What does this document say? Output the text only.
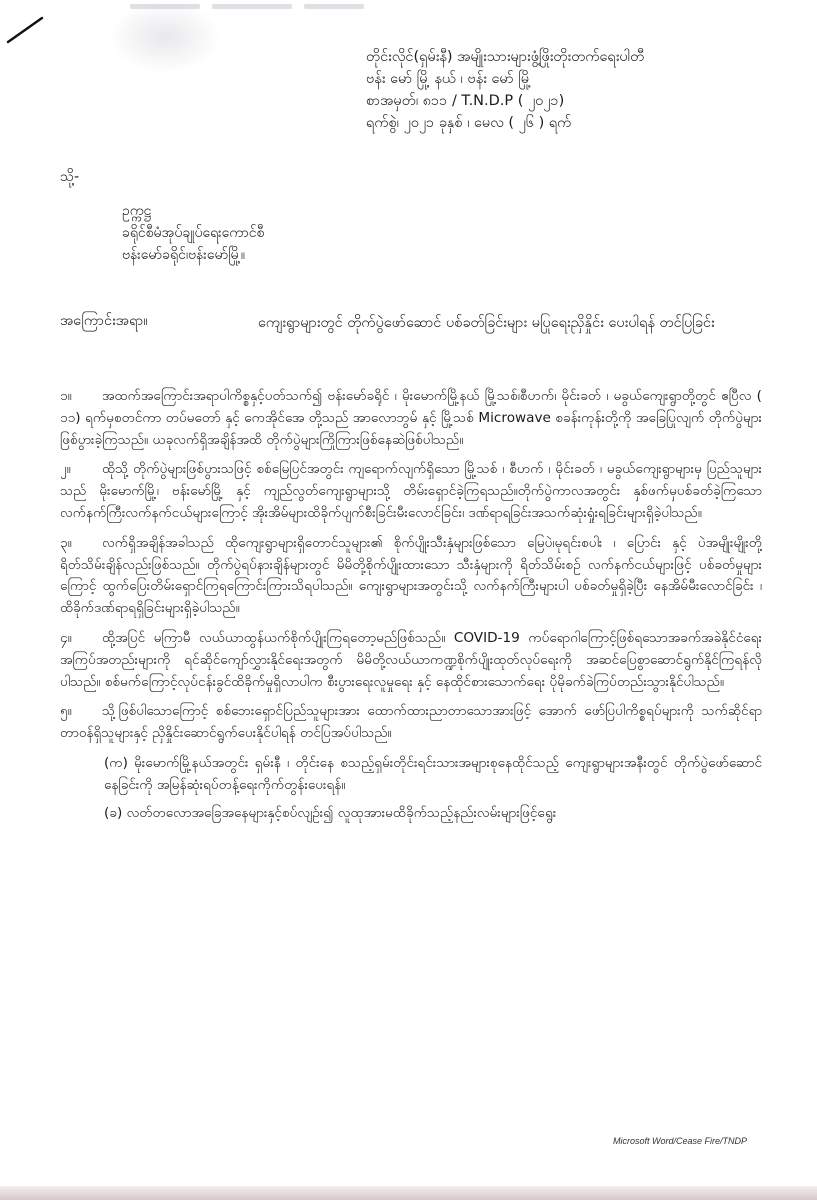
တိုင်းလိုင်(ရှမ်းနီ) အမျိုးသားများဖွံ့ဖြိုးတိုးတက်ရေးပါတီ
ဗန်း မော် မြို့ နယ် ၊ ဗန်း မော် မြို့
စာအမှတ်၊ ၈၁၁ / T.N.D.P ( ၂၀၂၁)
ရက်စွဲ၊ ၂၀၂၁ ခုနှစ် ၊ မေလ ( ၂၆ ) ရက်
သို့-
ဥက္ကဋ္ဌ
ခရိုင်စီမံအုပ်ချုပ်ရေးကောင်စီ
ဗန်းမော်ခရိုင်၊ဗန်းမော်မြို့။
အကြောင်းအရာ။	ကျေးရွာများတွင် တိုက်ပွဲဖော်ဆောင် ပစ်ခတ်ခြင်းများ မပြုရေးညှိနှိုင်း ပေးပါရန် တင်ပြခြင်း

၁။ အထက်အကြောင်းအရာပါကိစ္စနှင့်ပတ်သက်၍ ဗန်းမော်ခရိုင် ၊ မိုးမောက်မြို့နယ် မြို့သစ်၊စီဟက်၊ မိုင်းခတ် ၊ မခွယ်ကျေးရွာတို့တွင် ဧပြီလ ( ၁၁) ရက်မှစတင်ကာ တပ်မတော် နှင့် ကေအိုင်အေ တို့သည် အာလောဘွမ် နှင့် မြို့သစ် Microwave စခန်းကုန်းတို့ကို အခြေပြုလျက် တိုက်ပွဲများဖြစ်ပွားခဲ့ကြသည်။ ယခုလက်ရှိအချိန်အထိ တိုက်ပွဲများကြိုကြားဖြစ်နေဆဲဖြစ်ပါသည်။

၂။ ထိုသို့ တိုက်ပွဲများဖြစ်ပွားသဖြင့် စစ်မြေပြင်အတွင်း ကျရောက်လျက်ရှိသော မြို့သစ် ၊ စီဟက် ၊ မိုင်းခတ် ၊ မခွယ်ကျေးရွာများမှ ပြည်သူများသည် မိုးမောက်မြို့၊ ဗန်းမော်မြို့ နှင့် ကျည်လွတ်ကျေးရွာများသို့ တိမ်းရှောင်ခဲ့ကြရသည်။တိုက်ပွဲကာလအတွင်း နှစ်ဖက်မှပစ်ခတ်ခဲ့ကြသော လက်နက်ကြီးလက်နက်ငယ်များကြောင့် အိုးအိမ်များထိခိုက်ပျက်စီးခြင်းမီးလောင်ခြင်း၊ ဒဏ်ရာရခြင်းအသက်ဆုံးရှုံးရခြင်းများရှိခဲ့ပါသည်။

၃။ လက်ရှိအချိန်အခါသည် ထိုကျေးရွာများရှိတောင်သူများ၏ စိုက်ပျိုးသီးနှံများဖြစ်သော မြေပဲ၊မုရင်းစပါး ၊ ပြောင်း နှင့် ပဲအမျိုးမျိုးတို့ ရိတ်သိမ်းချိန်လည်းဖြစ်သည်။ တိုက်ပွဲရပ်နားချိန်များတွင် မိမိတို့စိုက်ပျိုးထားသော သီးနှံများကို ရိတ်သိမ်းစဉ် လက်နက်ငယ်များဖြင့် ပစ်ခတ်မှုများကြောင့် ထွက်ပြေးတိမ်းရှောင်ကြရကြောင်းကြားသိရပါသည်။ ကျေးရွာများအတွင်းသို့ လက်နက်ကြီးများပါ ပစ်ခတ်မှုရှိခဲ့ပြီး နေအိမ်မီးလောင်ခြင်း ၊ ထိခိုက်ဒဏ်ရာရရှိခြင်းများရှိခဲ့ပါသည်။

၄။ ထို့အပြင် မကြာမီ လယ်ယာထွန်ယက်စိုက်ပျိုးကြရတော့မည်ဖြစ်သည်။ COVID-19 ကပ်ရောဂါကြောင့်ဖြစ်ရသောအခက်အခဲနိုင်ငံရေးအကြပ်အတည်းများကို ရင်ဆိုင်ကျော်လွှားနိုင်ရေးအတွက် မိမိတို့လယ်ယာကဏ္ဍစိုက်ပျိုးထုတ်လုပ်ရေးကို အဆင်ပြေစွာဆောင်ရွက်နိုင်ကြရန်လိုပါသည်။ စစ်မက်ကြောင့်လုပ်ငန်းခွင်ထိခိုက်မှုရှိလာပါက စီးပွားရေးလူမှုရေး နှင့် နေထိုင်စားသောက်ရေး ပိုမိုခက်ခဲကြပ်တည်းသွားနိုင်ပါသည်။

၅။ သို့ဖြစ်ပါသောကြောင့် စစ်ဘေးရှောင်ပြည်သူများအား ထောက်ထားညာတာသောအားဖြင့် အောက် ဖော်ပြပါကိစ္စရပ်များကို သက်ဆိုင်ရာတာဝန်ရှိသူများနှင့် ညှိနှိုင်းဆောင်ရွက်ပေးနိုင်ပါရန် တင်ပြအပ်ပါသည်။

(က) မိုးမောက်မြို့နယ်အတွင်း ရှမ်းနီ ၊ တိုင်းနေ စသည့်ရှမ်းတိုင်းရင်းသားအများစုနေထိုင်သည့် ကျေးရွာများအနီးတွင် တိုက်ပွဲဖော်ဆောင်နေခြင်းကို အမြန်ဆုံးရပ်တန့်ရေးကိုက်တွန်းပေးရန်။

(ခ) လတ်တလောအခြေအနေများနှင့်စပ်လျဉ်း၍ လူထုအားမထိခိုက်သည့်နည်းလမ်းများဖြင့်ရွေး

Microsoft Word/Cease Fire/TNDP
